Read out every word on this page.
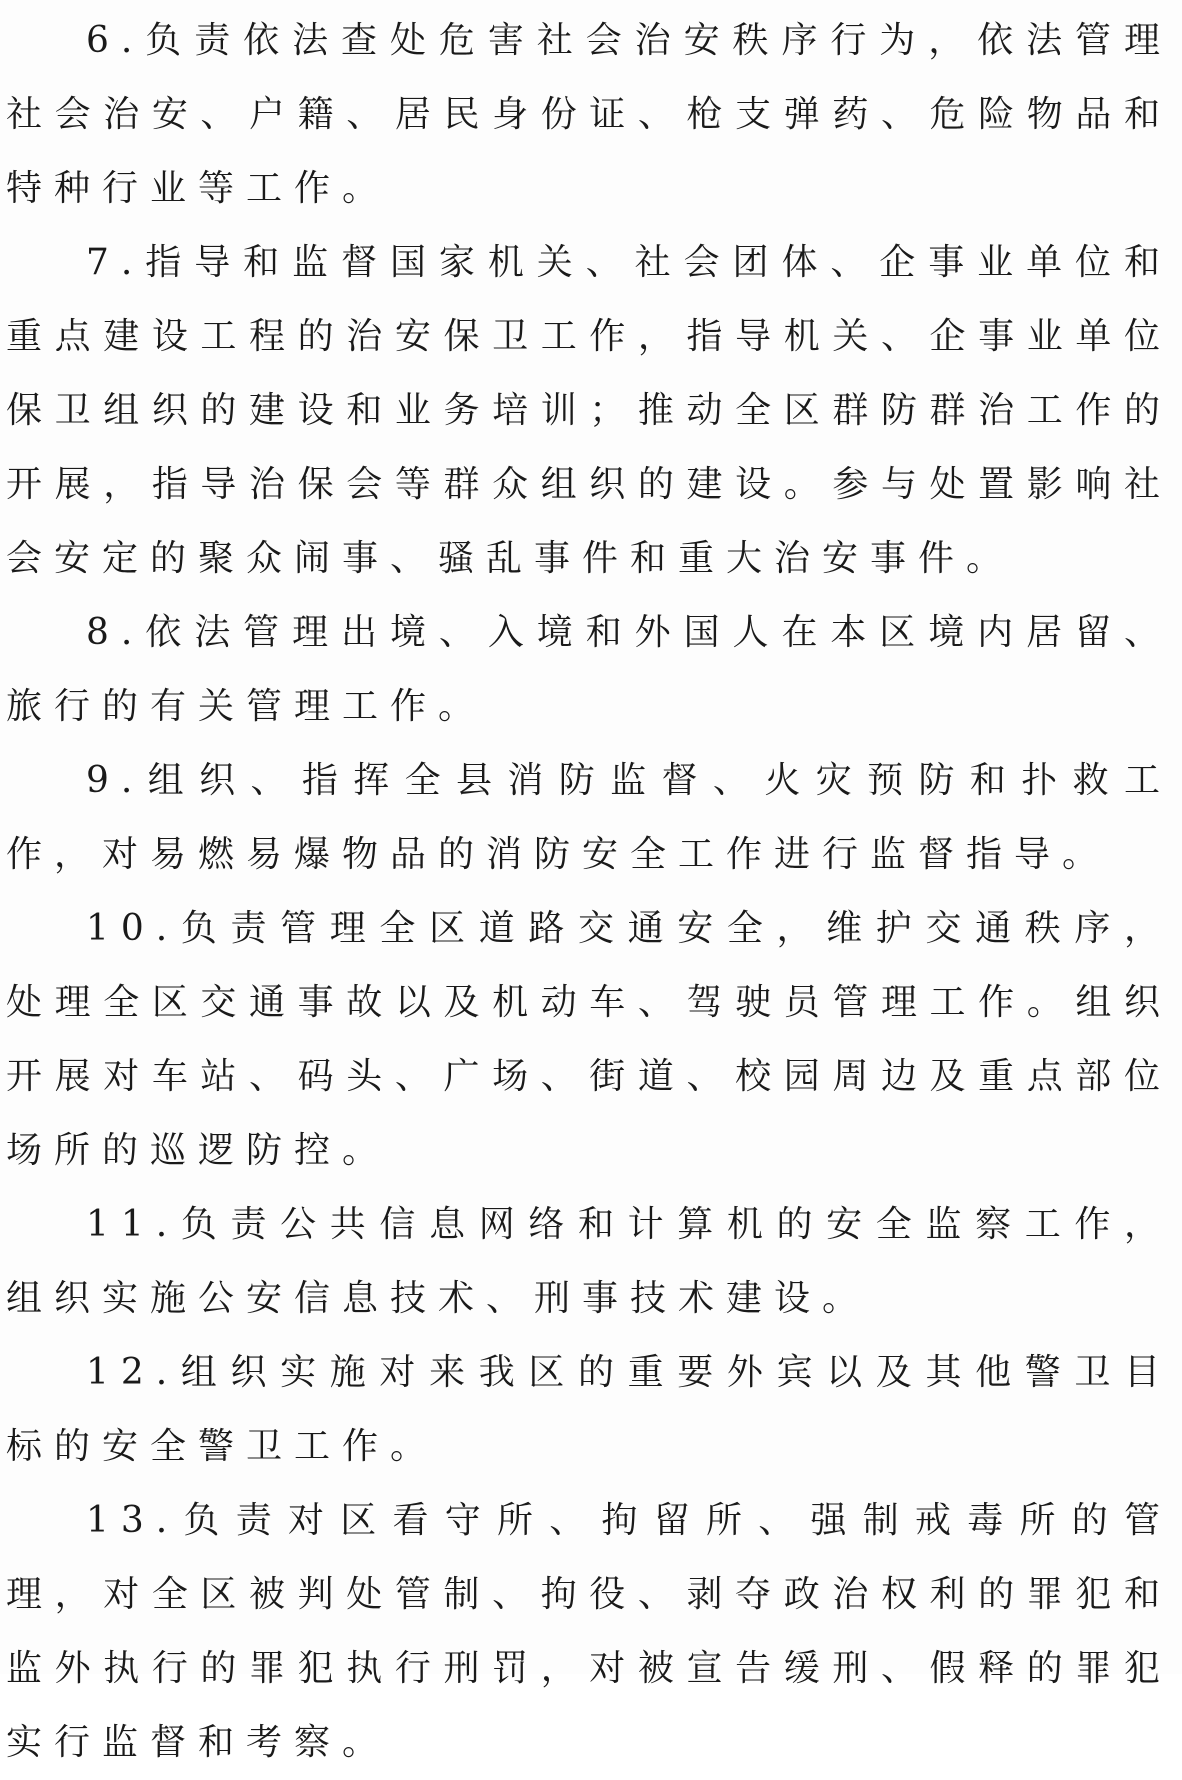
6.负责依法查处危害社会治安秩序行为，依法管理社会治安、户籍、居民身份证、枪支弹药、危险物品和特种行业等工作。

7.指导和监督国家机关、社会团体、企事业单位和重点建设工程的治安保卫工作，指导机关、企事业单位保卫组织的建设和业务培训；推动全区群防群治工作的开展，指导治保会等群众组织的建设。参与处置影响社会安定的聚众闹事、骚乱事件和重大治安事件。

8.依法管理出境、入境和外国人在本区境内居留、旅行的有关管理工作。

9.组织、指挥全县消防监督、火灾预防和扑救工作，对易燃易爆物品的消防安全工作进行监督指导。

10.负责管理全区道路交通安全，维护交通秩序，处理全区交通事故以及机动车、驾驶员管理工作。组织开展对车站、码头、广场、街道、校园周边及重点部位场所的巡逻防控。

11.负责公共信息网络和计算机的安全监察工作，组织实施公安信息技术、刑事技术建设。

12.组织实施对来我区的重要外宾以及其他警卫目标的安全警卫工作。

13.负责对区看守所、拘留所、强制戒毒所的管理，对全区被判处管制、拘役、剥夺政治权利的罪犯和监外执行的罪犯执行刑罚，对被宣告缓刑、假释的罪犯实行监督和考察。
